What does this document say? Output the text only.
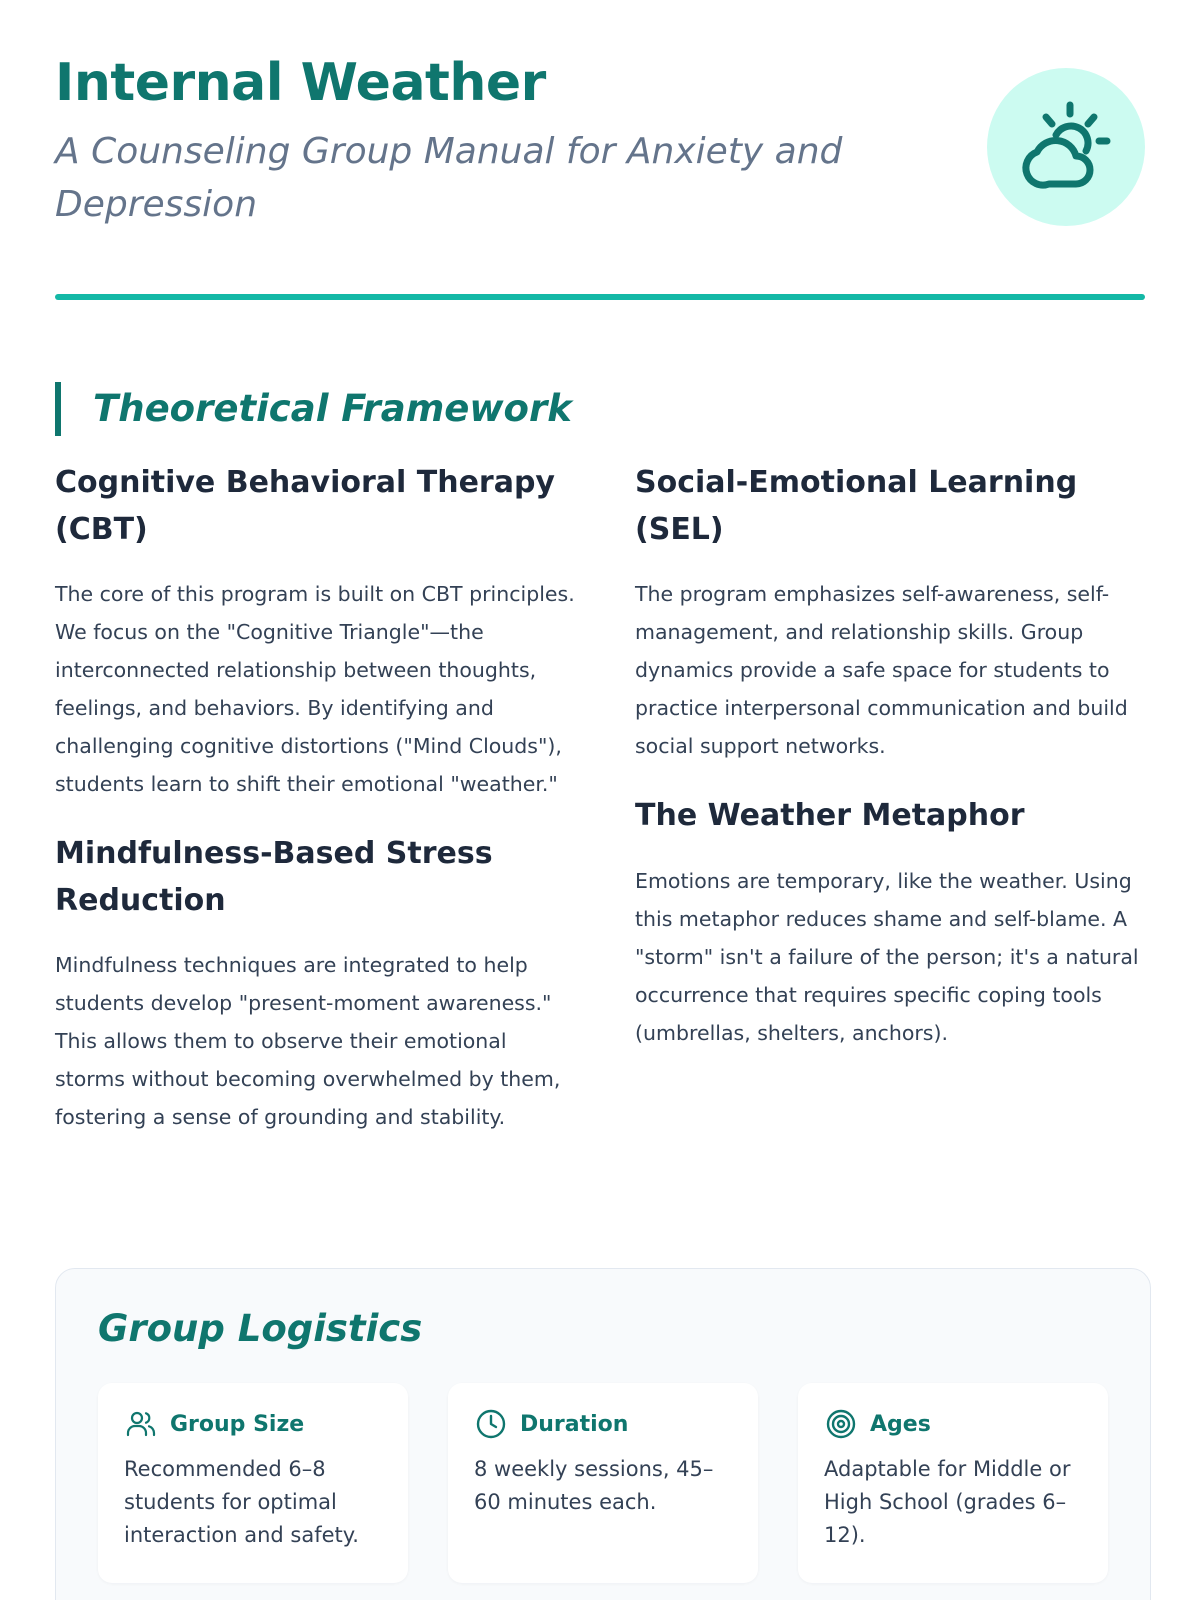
Internal Weather
A Counseling Group Manual for Anxiety and Depression
Theoretical Framework
Cognitive Behavioral Therapy (CBT)

The core of this program is built on CBT principles. We focus on the "Cognitive Triangle"—the interconnected relationship between thoughts, feelings, and behaviors. By identifying and challenging cognitive distortions ("Mind Clouds"), students learn to shift their emotional "weather."

Mindfulness-Based Stress Reduction

Mindfulness techniques are integrated to help students develop "present-moment awareness." This allows them to observe their emotional storms without becoming overwhelmed by them, fostering a sense of grounding and stability.

Social-Emotional Learning (SEL)

The program emphasizes self-awareness, self-management, and relationship skills. Group dynamics provide a safe space for students to practice interpersonal communication and build social support networks.

The Weather Metaphor

Emotions are temporary, like the weather. Using this metaphor reduces shame and self-blame. A "storm" isn't a failure of the person; it's a natural occurrence that requires specific coping tools (umbrellas, shelters, anchors).

Group Logistics
Group Size

Recommended 6–8 students for optimal interaction and safety.

Duration

8 weekly sessions, 45–60 minutes each.

Ages

Adaptable for Middle or High School (grades 6–12).
